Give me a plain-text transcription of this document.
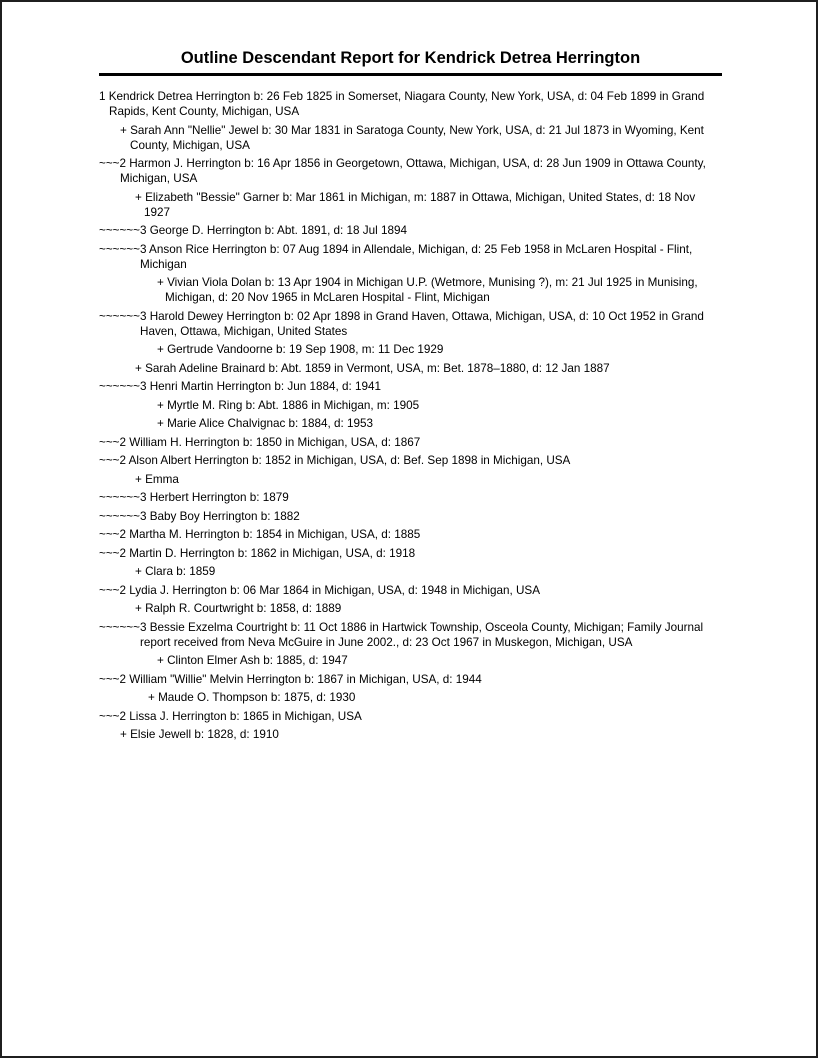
Outline Descendant Report for Kendrick Detrea Herrington
1 Kendrick Detrea Herrington b: 26 Feb 1825 in Somerset, Niagara County, New York, USA, d: 04 Feb 1899 in Grand Rapids, Kent County, Michigan, USA
+ Sarah Ann "Nellie" Jewel b: 30 Mar 1831 in Saratoga County, New York, USA, d: 21 Jul 1873 in Wyoming, Kent County, Michigan, USA
~~~2 Harmon J. Herrington b: 16 Apr 1856 in Georgetown, Ottawa, Michigan, USA, d: 28 Jun 1909 in Ottawa County, Michigan, USA
+ Elizabeth "Bessie" Garner b: Mar 1861 in Michigan, m: 1887 in Ottawa, Michigan, United States, d: 18 Nov 1927
~~~~~~3 George D. Herrington b: Abt. 1891, d: 18 Jul 1894
~~~~~~3 Anson Rice Herrington b: 07 Aug 1894 in Allendale, Michigan, d: 25 Feb 1958 in McLaren Hospital - Flint, Michigan
+ Vivian Viola Dolan b: 13 Apr 1904 in Michigan U.P. (Wetmore, Munising ?), m: 21 Jul 1925 in Munising, Michigan, d: 20 Nov 1965 in McLaren Hospital - Flint, Michigan
~~~~~~3 Harold Dewey Herrington b: 02 Apr 1898 in Grand Haven, Ottawa, Michigan, USA, d: 10 Oct 1952 in Grand Haven, Ottawa, Michigan, United States
+ Gertrude Vandoorne b: 19 Sep 1908, m: 11 Dec 1929
+ Sarah Adeline Brainard b: Abt. 1859 in Vermont, USA, m: Bet. 1878–1880, d: 12 Jan 1887
~~~~~~3 Henri Martin Herrington b: Jun 1884, d: 1941
+ Myrtle M. Ring b: Abt. 1886 in Michigan, m: 1905
+ Marie Alice Chalvignac b: 1884, d: 1953
~~~2 William H. Herrington b: 1850 in Michigan, USA, d: 1867
~~~2 Alson Albert Herrington b: 1852 in Michigan, USA, d: Bef. Sep 1898 in Michigan, USA
+ Emma
~~~~~~3 Herbert Herrington b: 1879
~~~~~~3 Baby Boy Herrington b: 1882
~~~2 Martha M. Herrington b: 1854 in Michigan, USA, d: 1885
~~~2 Martin D. Herrington b: 1862 in Michigan, USA, d: 1918
+ Clara b: 1859
~~~2 Lydia J. Herrington b: 06 Mar 1864 in Michigan, USA, d: 1948 in Michigan, USA
+ Ralph R. Courtwright b: 1858, d: 1889
~~~~~~3 Bessie Exzelma Courtright b: 11 Oct 1886 in Hartwick Township, Osceola County, Michigan; Family Journal report received from Neva McGuire in June 2002., d: 23 Oct 1967 in Muskegon, Michigan, USA
+ Clinton Elmer Ash b: 1885, d: 1947
~~~2 William "Willie" Melvin Herrington b: 1867 in Michigan, USA, d: 1944
+ Maude O. Thompson b: 1875, d: 1930
~~~2 Lissa J. Herrington b: 1865 in Michigan, USA
+ Elsie Jewell b: 1828, d: 1910
